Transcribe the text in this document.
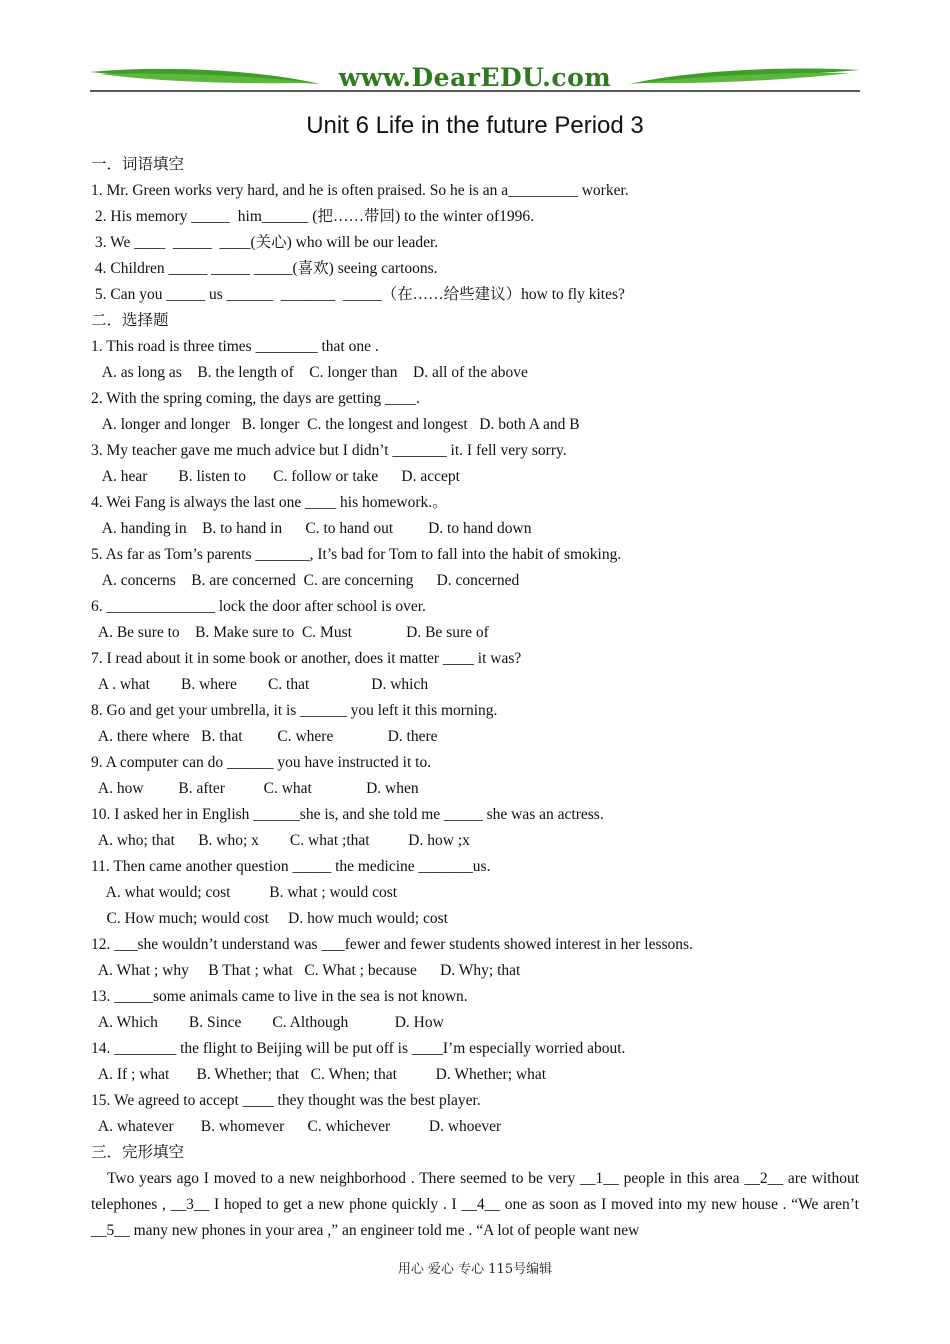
www.DearEDU.com
Unit 6 Life in the future Period 3
一．词语填空
1. Mr. Green works very hard, and he is often praised. So he is an a_________ worker.
2. His memory _____  him______ (把……带回) to the winter of1996.
3. We ____  _____  ____(关心) who will be our leader.
4. Children _____ _____ _____(喜欢) seeing cartoons.
5. Can you _____ us ______  _______  _____（在……给些建议）how to fly kites?
二．选择题
1. This road is three times ________ that one .
A. as long as    B. the length of    C. longer than    D. all of the above
2. With the spring coming, the days are getting ____.
A. longer and longer   B. longer  C. the longest and longest   D. both A and B
3. My teacher gave me much advice but I didn’t _______ it. I fell very sorry.
A. hear        B. listen to       C. follow or take      D. accept
4. Wei Fang is always the last one ____ his homework.。
A. handing in    B. to hand in      C. to hand out         D. to hand down
5. As far as Tom’s parents _______, It’s bad for Tom to fall into the habit of smoking.
A. concerns    B. are concerned  C. are concerning      D. concerned
6. ______________ lock the door after school is over.
A. Be sure to    B. Make sure to  C. Must              D. Be sure of
7. I read about it in some book or another, does it matter ____ it was?
A . what        B. where        C. that                D. which
8. Go and get your umbrella, it is ______ you left it this morning.
A. there where   B. that         C. where              D. there
9. A computer can do ______ you have instructed it to.
A. how         B. after          C. what              D. when
10. I asked her in English ______she is, and she told me _____ she was an actress.
A. who; that      B. who; x        C. what ;that          D. how ;x
11. Then came another question _____ the medicine _______us.
A. what would; cost          B. what ; would cost
C. How much; would cost     D. how much would; cost
12. ___she wouldn’t understand was ___fewer and fewer students showed interest in her lessons.
A. What ; why     B That ; what   C. What ; because      D. Why; that
13. _____some animals came to live in the sea is not known.
A. Which        B. Since        C. Although            D. How
14. ________ the flight to Beijing will be put off is ____I’m especially worried about.
A. If ; what       B. Whether; that   C. When; that          D. Whether; what
15. We agreed to accept ____ they thought was the best player.
A. whatever       B. whomever      C. whichever          D. whoever
三．完形填空
Two years ago I moved to a new neighborhood . There seemed to be very __1__ people in this area __2__ are without telephones , __3__ I hoped to get a new phone quickly . I __4__ one as soon as I moved into my new house . “We aren’t __5__ many new phones in your area ,” an engineer told me . “A lot of people want new
用心 爱心 专心 115号编辑
